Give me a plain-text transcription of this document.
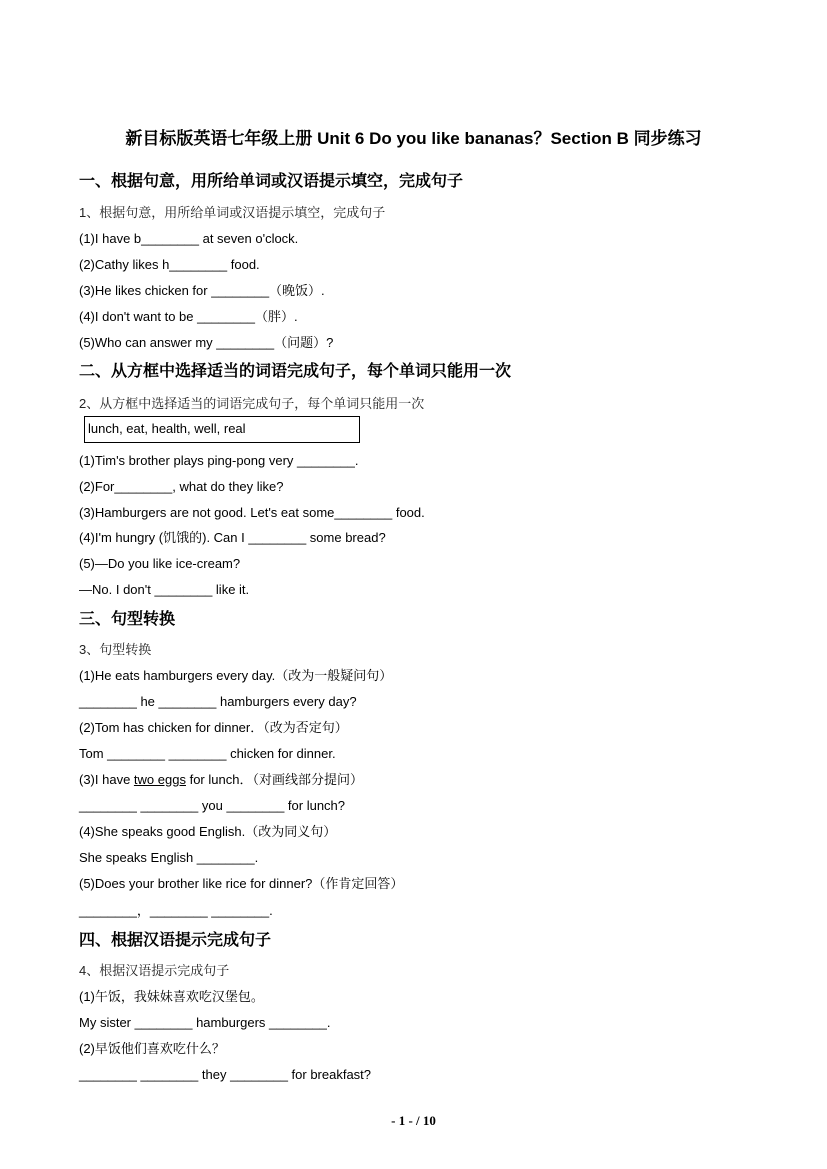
新目标版英语七年级上册 Unit 6 Do you like bananas？Section B 同步练习
一、根据句意，用所给单词或汉语提示填空，完成句子
1、根据句意，用所给单词或汉语提示填空，完成句子
(1)I have b________ at seven o'clock.
(2)Cathy likes h________ food.
(3)He likes chicken for ________（晚饭）.
(4)I don't want to be ________（胖）.
(5)Who can answer my ________（问题）?
二、从方框中选择适当的词语完成句子，每个单词只能用一次
2、从方框中选择适当的词语完成句子，每个单词只能用一次
lunch, eat, health, well, real
(1)Tim's brother plays ping-pong very ________.
(2)For________, what do they like?
(3)Hamburgers are not good. Let's eat some________ food.
(4)I'm hungry (饥饿的). Can I ________ some bread?
(5)—Do you like ice-cream?
—No. I don't ________ like it.
三、句型转换
3、句型转换
(1)He eats hamburgers every day.（改为一般疑问句）
________ he ________ hamburgers every day?
(2)Tom has chicken for dinner．（改为否定句）
Tom ________ ________ chicken for dinner.
(3)I have two eggs for lunch．（对画线部分提问）
________ ________ you ________ for lunch?
(4)She speaks good English.（改为同义句）
She speaks English ________.
(5)Does your brother like rice for dinner?（作肯定回答）
________，________ ________.
四、根据汉语提示完成句子
4、根据汉语提示完成句子
(1)午饭，我妹妹喜欢吃汉堡包。
My sister ________ hamburgers ________.
(2)早饭他们喜欢吃什么？
________ ________ they ________ for breakfast?
- 1 - / 10
